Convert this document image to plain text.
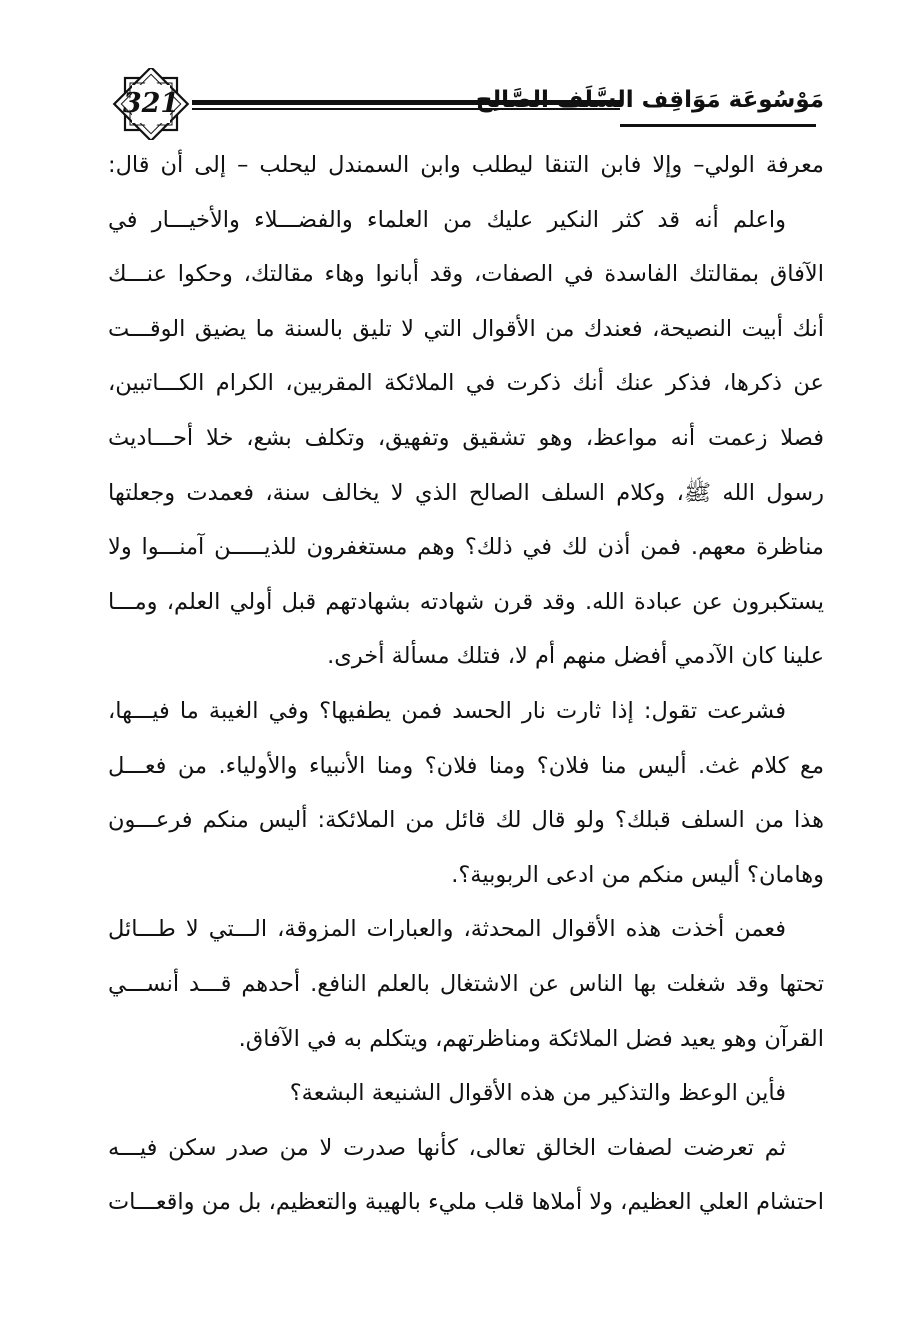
321	مَوْسُوعَة مَوَاقِف السَّلَف الصَّالِح
معرفة الولي– وإلا فابن التنقا ليطلب وابن السمندل ليحلب – إلى أن قال:
واعلم أنه قد كثر النكير عليك من العلماء والفضـــلاء والأخيـــار في
الآفاق بمقالتك الفاسدة في الصفات، وقد أبانوا وهاء مقالتك، وحكوا عنـــك
أنك أبيت النصيحة، فعندك من الأقوال التي لا تليق بالسنة ما يضيق الوقـــت
عن ذكرها، فذكر عنك أنك ذكرت في الملائكة المقربين، الكرام الكـــاتبين،
فصلا زعمت أنه مواعظ، وهو تشقيق وتفهيق، وتكلف بشع، خلا أحـــاديث
رسول الله ﷺ، وكلام السلف الصالح الذي لا يخالف سنة، فعمدت وجعلتها
مناظرة معهم. فمن أذن لك في ذلك؟ وهم مستغفرون للذيـــــن آمنـــوا ولا
يستكبرون عن عبادة الله. وقد قرن شهادته بشهادتهم قبل أولي العلم، ومـــا
علينا كان الآدمي أفضل منهم أم لا، فتلك مسألة أخرى.
فشرعت تقول: إذا ثارت نار الحسد فمن يطفيها؟ وفي الغيبة ما فيـــها،
مع كلام غث. أليس منا فلان؟ ومنا فلان؟ ومنا الأنبياء والأولياء. من فعـــل
هذا من السلف قبلك؟ ولو قال لك قائل من الملائكة: أليس منكم فرعـــون
وهامان؟ أليس منكم من ادعى الربوبية؟.
فعمن أخذت هذه الأقوال المحدثة، والعبارات المزوقة، الـــتي لا طـــائل
تحتها وقد شغلت بها الناس عن الاشتغال بالعلم النافع. أحدهم قـــد أنســـي
القرآن وهو يعيد فضل الملائكة ومناظرتهم، ويتكلم به في الآفاق.
فأين الوعظ والتذكير من هذه الأقوال الشنيعة البشعة؟
ثم تعرضت لصفات الخالق تعالى، كأنها صدرت لا من صدر سكن فيـــه
احتشام العلي العظيم، ولا أملاها قلب مليء بالهيبة والتعظيم، بل من واقعـــات
